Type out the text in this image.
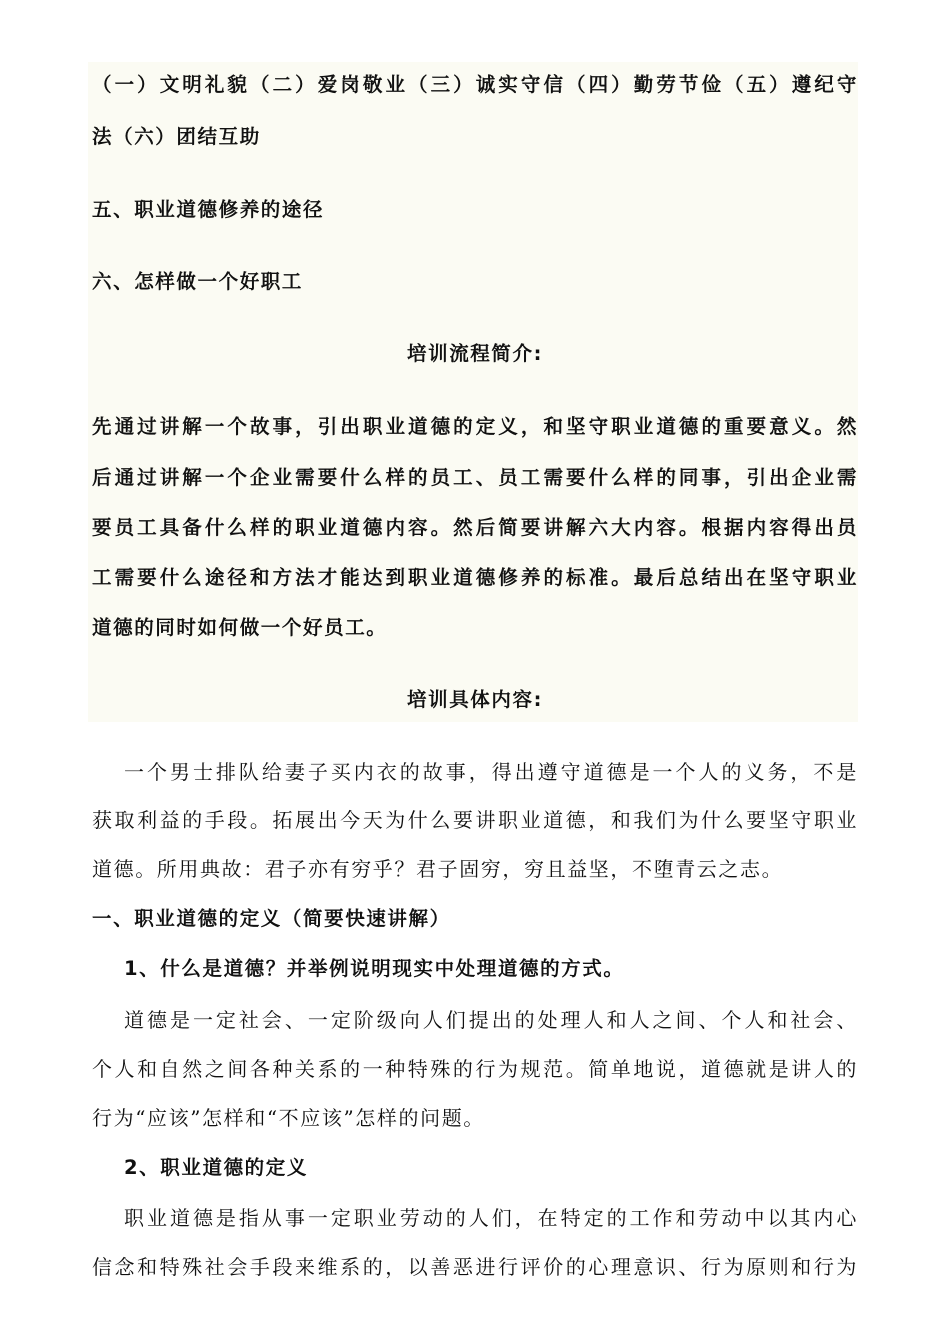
（一）文明礼貌（二）爱岗敬业（三）诚实守信（四）勤劳节俭（五）遵纪守
法（六）团结互助
五、职业道德修养的途径
六、怎样做一个好职工
培训流程简介:
先通过讲解一个故事，引出职业道德的定义，和坚守职业道德的重要意义。然
后通过讲解一个企业需要什么样的员工、员工需要什么样的同事，引出企业需
要员工具备什么样的职业道德内容。然后简要讲解六大内容。根据内容得出员
工需要什么途径和方法才能达到职业道德修养的标准。最后总结出在坚守职业
道德的同时如何做一个好员工。
培训具体内容:
一个男士排队给妻子买内衣的故事，得出遵守道德是一个人的义务，不是
获取利益的手段。拓展出今天为什么要讲职业道德，和我们为什么要坚守职业
道德。所用典故：君子亦有穷乎？君子固穷，穷且益坚，不堕青云之志。
一、职业道德的定义（简要快速讲解）
1、什么是道德？并举例说明现实中处理道德的方式。
道德是一定社会、一定阶级向人们提出的处理人和人之间、个人和社会、
个人和自然之间各种关系的一种特殊的行为规范。简单地说，道德就是讲人的
行为“应该”怎样和“不应该”怎样的问题。
2、职业道德的定义
职业道德是指从事一定职业劳动的人们，在特定的工作和劳动中以其内心
信念和特殊社会手段来维系的，以善恶进行评价的心理意识、行为原则和行为
